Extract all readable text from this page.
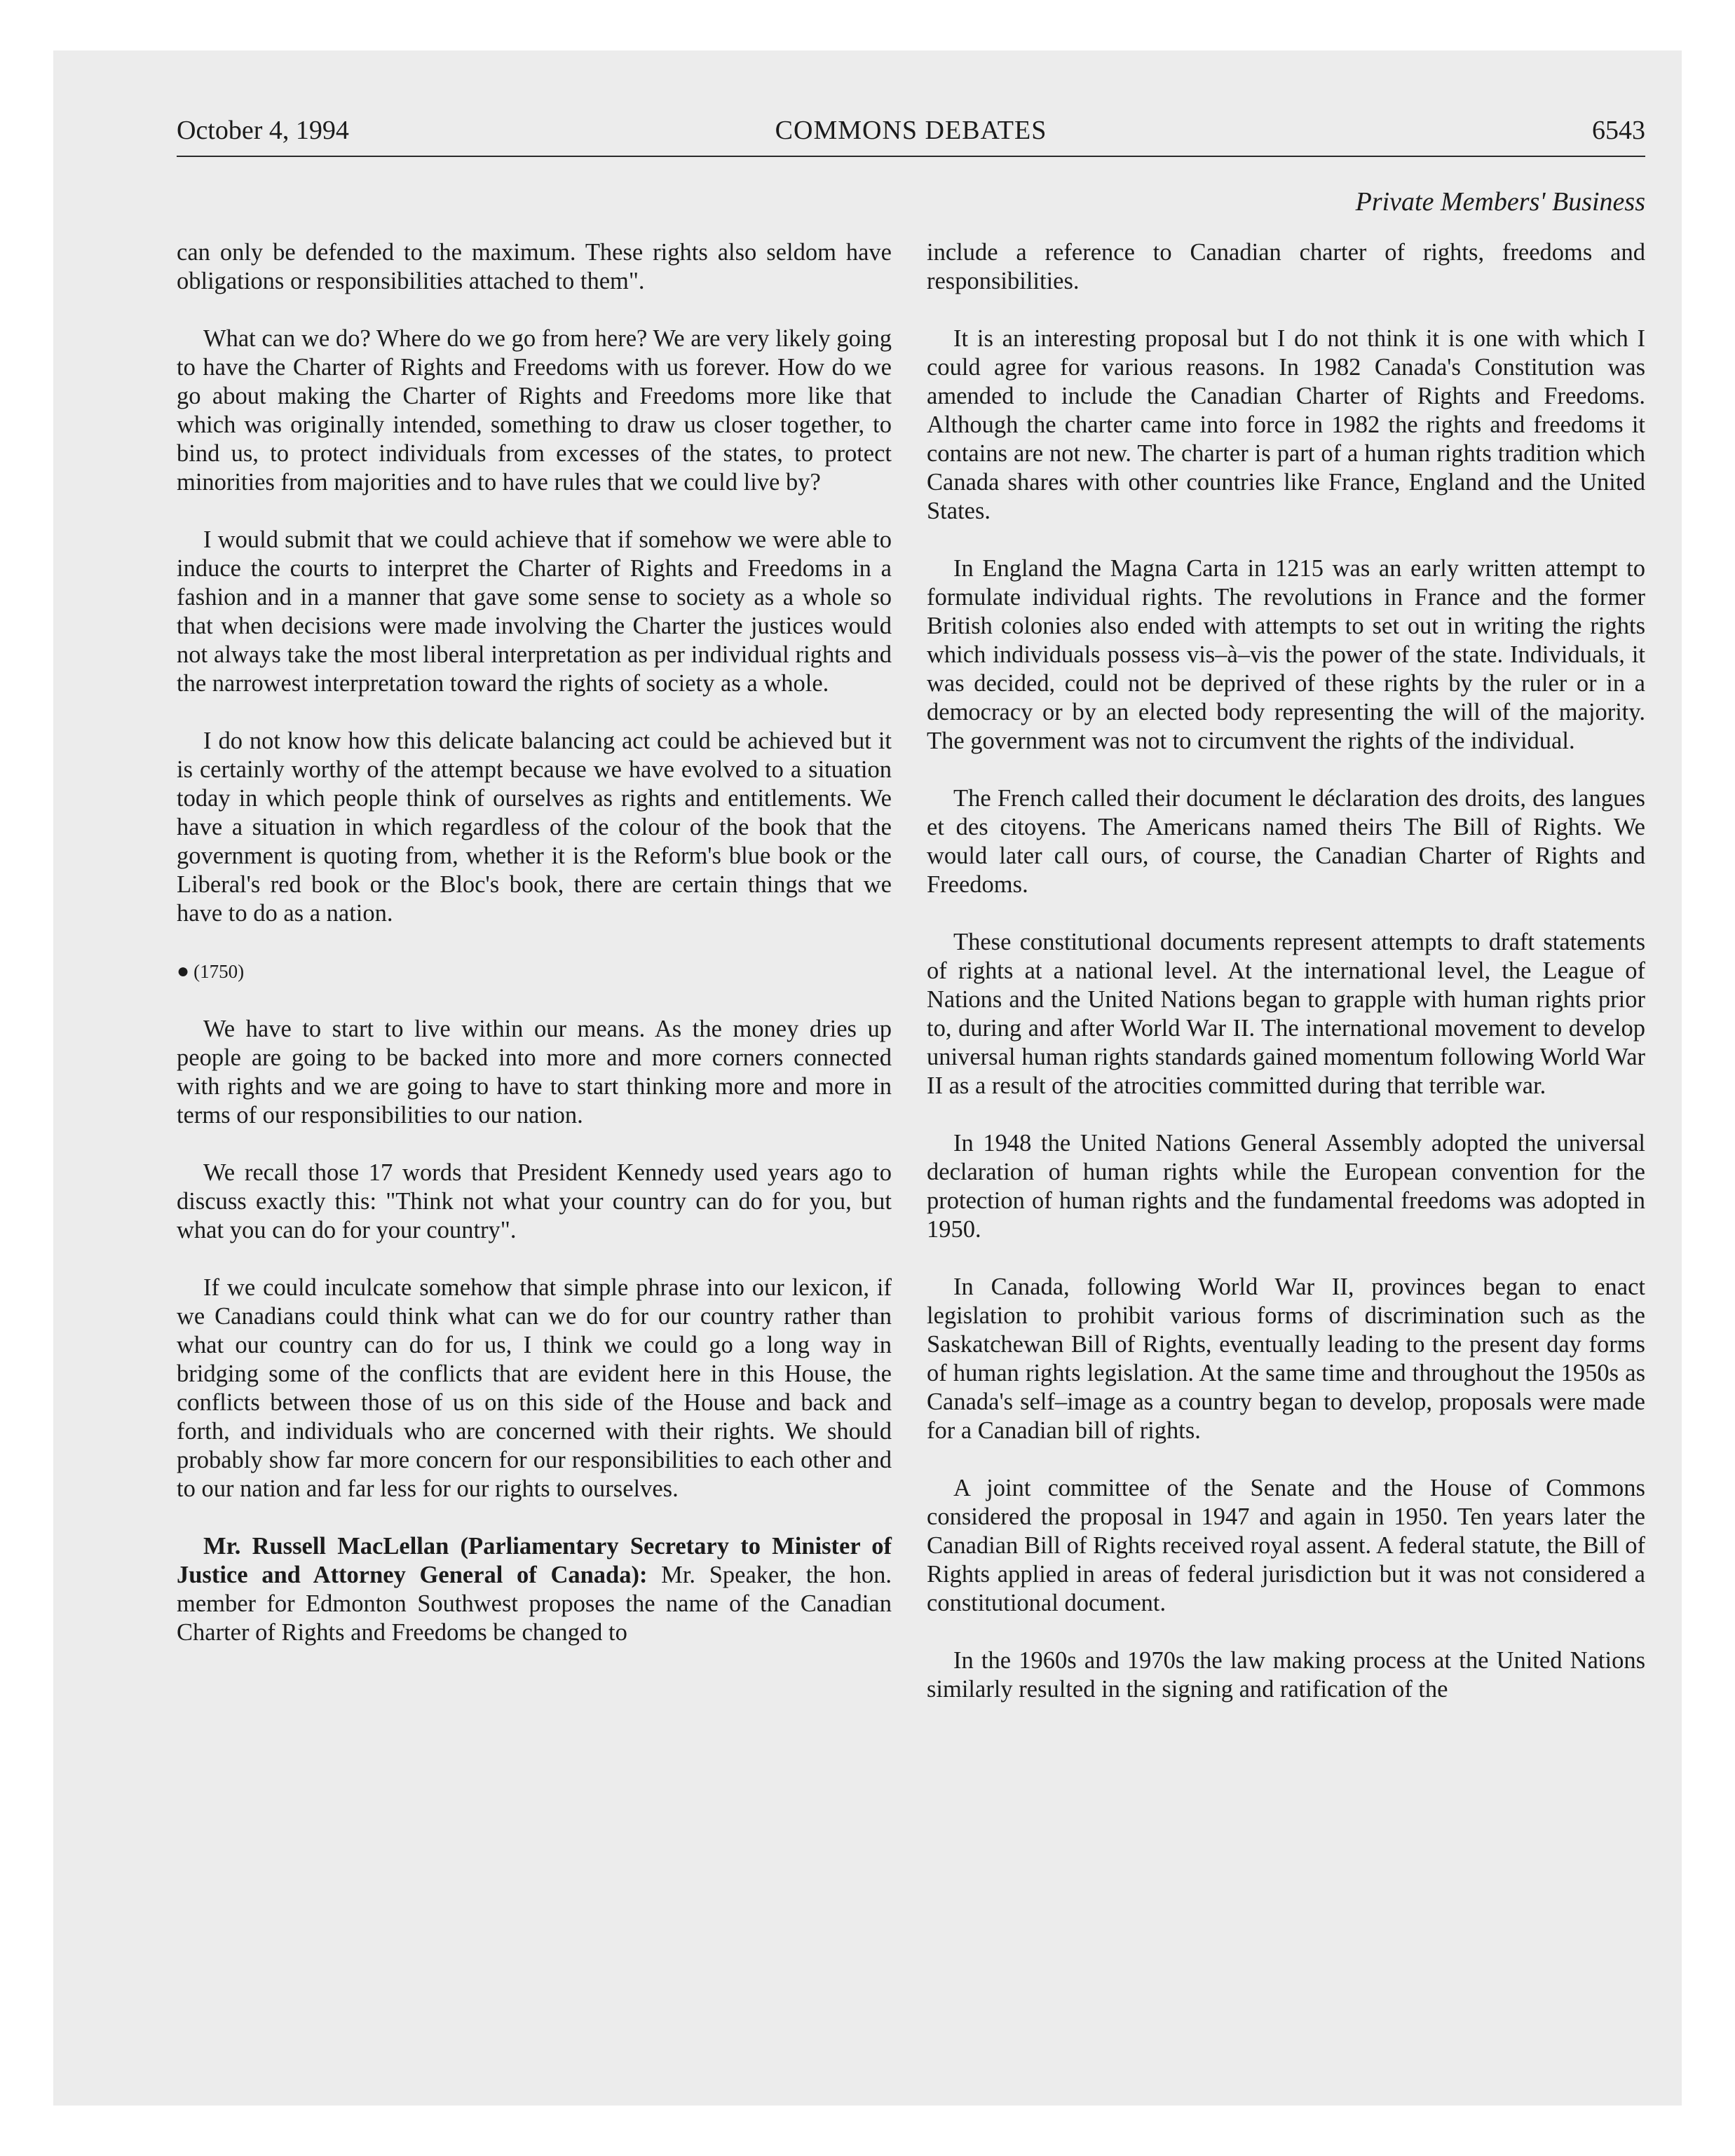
October 4, 1994	COMMONS DEBATES	6543
Private Members' Business

can only be defended to the maximum. These rights also seldom have obligations or responsibilities attached to them".

What can we do? Where do we go from here? We are very likely going to have the Charter of Rights and Freedoms with us forever. How do we go about making the Charter of Rights and Freedoms more like that which was originally intended, something to draw us closer together, to bind us, to protect individuals from excesses of the states, to protect minorities from majorities and to have rules that we could live by?

I would submit that we could achieve that if somehow we were able to induce the courts to interpret the Charter of Rights and Freedoms in a fashion and in a manner that gave some sense to society as a whole so that when decisions were made involving the Charter the justices would not always take the most liberal interpretation as per individual rights and the narrowest interpretation toward the rights of society as a whole.

I do not know how this delicate balancing act could be achieved but it is certainly worthy of the attempt because we have evolved to a situation today in which people think of ourselves as rights and entitlements. We have a situation in which regardless of the colour of the book that the government is quoting from, whether it is the Reform's blue book or the Liberal's red book or the Bloc's book, there are certain things that we have to do as a nation.

● (1750)

We have to start to live within our means. As the money dries up people are going to be backed into more and more corners connected with rights and we are going to have to start thinking more and more in terms of our responsibilities to our nation.

We recall those 17 words that President Kennedy used years ago to discuss exactly this: "Think not what your country can do for you, but what you can do for your country".

If we could inculcate somehow that simple phrase into our lexicon, if we Canadians could think what can we do for our country rather than what our country can do for us, I think we could go a long way in bridging some of the conflicts that are evident here in this House, the conflicts between those of us on this side of the House and back and forth, and individuals who are concerned with their rights. We should probably show far more concern for our responsibilities to each other and to our nation and far less for our rights to ourselves.

Mr. Russell MacLellan (Parliamentary Secretary to Minister of Justice and Attorney General of Canada): Mr. Speaker, the hon. member for Edmonton Southwest proposes the name of the Canadian Charter of Rights and Freedoms be changed to

include a reference to Canadian charter of rights, freedoms and responsibilities.

It is an interesting proposal but I do not think it is one with which I could agree for various reasons. In 1982 Canada's Constitution was amended to include the Canadian Charter of Rights and Freedoms. Although the charter came into force in 1982 the rights and freedoms it contains are not new. The charter is part of a human rights tradition which Canada shares with other countries like France, England and the United States.

In England the Magna Carta in 1215 was an early written attempt to formulate individual rights. The revolutions in France and the former British colonies also ended with attempts to set out in writing the rights which individuals possess vis–à–vis the power of the state. Individuals, it was decided, could not be deprived of these rights by the ruler or in a democracy or by an elected body representing the will of the majority. The government was not to circumvent the rights of the individual.

The French called their document le déclaration des droits, des langues et des citoyens. The Americans named theirs The Bill of Rights. We would later call ours, of course, the Canadian Charter of Rights and Freedoms.

These constitutional documents represent attempts to draft statements of rights at a national level. At the international level, the League of Nations and the United Nations began to grapple with human rights prior to, during and after World War II. The international movement to develop universal human rights standards gained momentum following World War II as a result of the atrocities committed during that terrible war.

In 1948 the United Nations General Assembly adopted the universal declaration of human rights while the European convention for the protection of human rights and the fundamental freedoms was adopted in 1950.

In Canada, following World War II, provinces began to enact legislation to prohibit various forms of discrimination such as the Saskatchewan Bill of Rights, eventually leading to the present day forms of human rights legislation. At the same time and throughout the 1950s as Canada's self–image as a country began to develop, proposals were made for a Canadian bill of rights.

A joint committee of the Senate and the House of Commons considered the proposal in 1947 and again in 1950. Ten years later the Canadian Bill of Rights received royal assent. A federal statute, the Bill of Rights applied in areas of federal jurisdiction but it was not considered a constitutional document.

In the 1960s and 1970s the law making process at the United Nations similarly resulted in the signing and ratification of the
